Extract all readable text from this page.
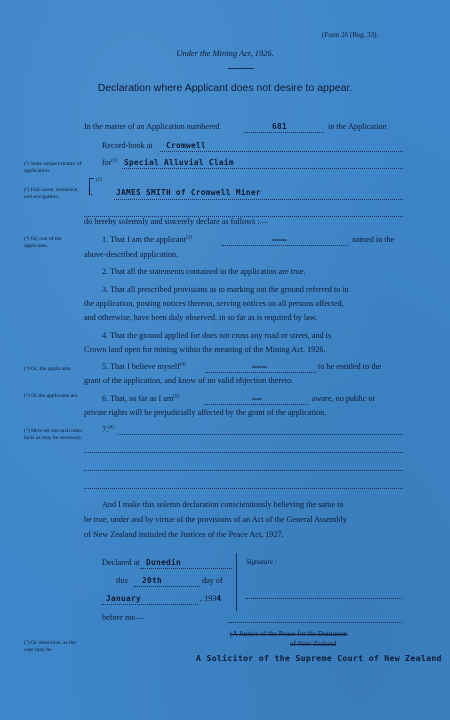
(Form 26 (Reg. 33).
Under the Mining Act, 1926.
Declaration where Applicant does not desire to appear.
(¹) State subject-matter of application.
(²) Full name, residence, and occupation.
(³) Or, one of the applicants.
(⁴) Or, the applicants.
(⁵) Or the applicants are.
(⁶) Here set out such other facts as may be necessary.
(⁷) Or otherwise, as the case may be.
In the matter of an Application numbered	681	in the Application
Record-book at Cromwell
for$^{(1)}$ Special Alluvial Claim
(2)
I,	JAMES SMITH of Cromwell Miner
do hereby solemnly and sincerely declare as follows :—
1. That I am the applicant$^{(3)}$	———	named in the
above-described application.
2. That all the statements contained in the application are true.
3. That all prescribed provisions as to marking out the ground referred to in
the application, posting notices thereon, serving notices on all persons affected,
and otherwise, have been duly observed, in so far as is required by law.
4. That the ground applied for does not cross any road or street, and is
Crown land open for mining within the meaning of the Mining Act, 1926.
5. That I believe myself$^{(4)}$	———	to be entitled to the
grant of the application, and know of no valid objection thereto.
6. That, so far as I $am^{(5)}$	——	aware, no public or
private rights will be prejudicially affected by the grant of the application.
7.$^{(6)}$
And I make this solemn declaration conscientiously believing the same to
be true, under and by virtue of the provisions of an Act of the General Assembly
of New Zealand intituled the Justices of the Peace Act, 1927.
Declared at Dunedin
this 20th	day of
January	, 1934
before me—
Signature :
(A Justice of the Peace for the Dominion
of New Zealand
A Solicitor of the Supreme Court of New Zealand
